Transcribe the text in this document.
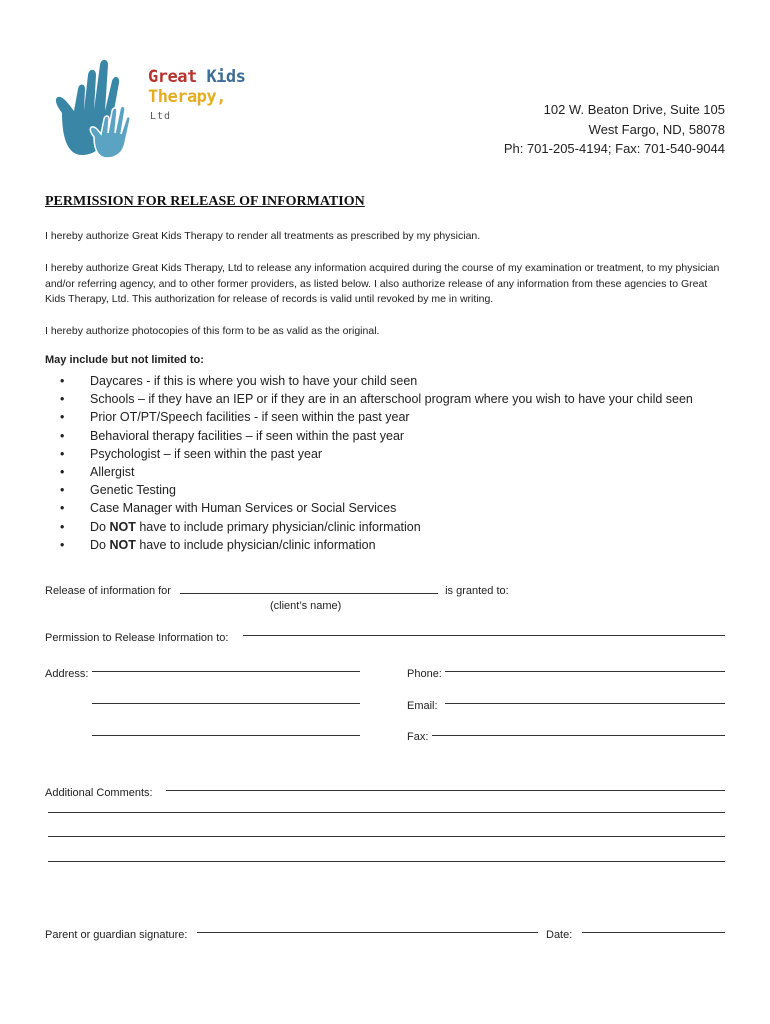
Great Kids
Therapy,
Ltd	102 W. Beaton Drive, Suite 105
West Fargo, ND, 58078
Ph: 701-205-4194; Fax: 701-540-9044
PERMISSION FOR RELEASE OF INFORMATION
I hereby authorize Great Kids Therapy to render all treatments as prescribed by my physician.
I hereby authorize Great Kids Therapy, Ltd to release any information acquired during the course of my examination or treatment, to my physician and/or referring agency, and to other former providers, as listed below. I also authorize release of any information from these agencies to Great Kids Therapy, Ltd. This authorization for release of records is valid until revoked by me in writing.
I hereby authorize photocopies of this form to be as valid as the original.
May include but not limited to:
• Daycares - if this is where you wish to have your child seen
• Schools – if they have an IEP or if they are in an afterschool program where you wish to have your child seen
• Prior OT/PT/Speech facilities - if seen within the past year
• Behavioral therapy facilities – if seen within the past year
• Psychologist – if seen within the past year
• Allergist
• Genetic Testing
• Case Manager with Human Services or Social Services
• Do NOT have to include primary physician/clinic information
• Do NOT have to include physician/clinic information
Release of information for	is granted to:
(client’s name)
Permission to Release Information to:
Address:	Phone:
Email:
Fax:
Additional Comments:
Parent or guardian signature:	Date:
